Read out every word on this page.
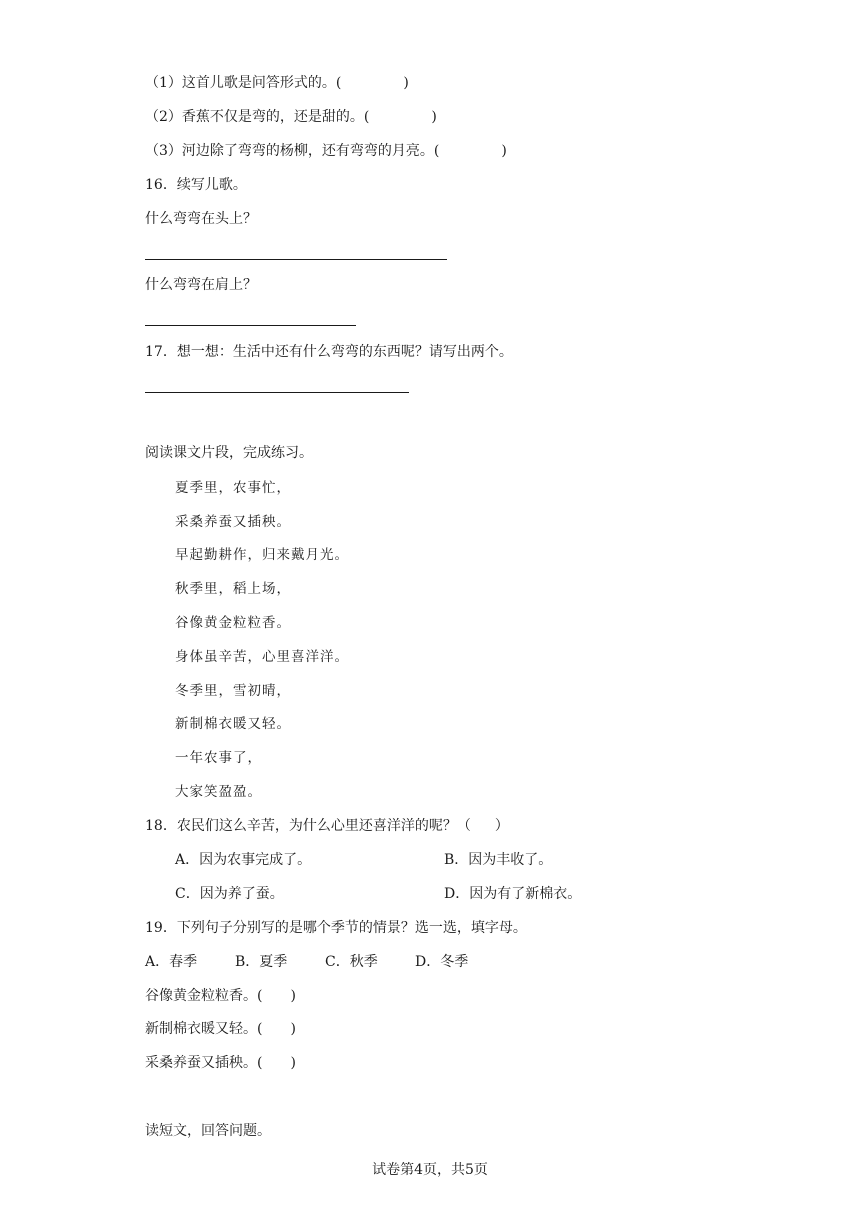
（1）这首儿歌是问答形式的。(	)
（2）香蕉不仅是弯的，还是甜的。(	)
（3）河边除了弯弯的杨柳，还有弯弯的月亮。(	)
16．续写儿歌。
什么弯弯在头上？
什么弯弯在肩上？
17．想一想：生活中还有什么弯弯的东西呢？请写出两个。
阅读课文片段，完成练习。
夏季里，农事忙，
采桑养蚕又插秧。
早起勤耕作，归来戴月光。
秋季里，稻上场，
谷像黄金粒粒香。
身体虽辛苦，心里喜洋洋。
冬季里，雪初晴，
新制棉衣暖又轻。
一年农事了，
大家笑盈盈。
18．农民们这么辛苦，为什么心里还喜洋洋的呢？（ ）
A．因为农事完成了。	B．因为丰收了。
C．因为养了蚕。	D．因为有了新棉衣。
19．下列句子分别写的是哪个季节的情景？选一选，填字母。
A．春季	B．夏季	C．秋季	D．冬季
谷像黄金粒粒香。( )
新制棉衣暖又轻。( )
采桑养蚕又插秧。( )
读短文，回答问题。
试卷第4页，共5页
